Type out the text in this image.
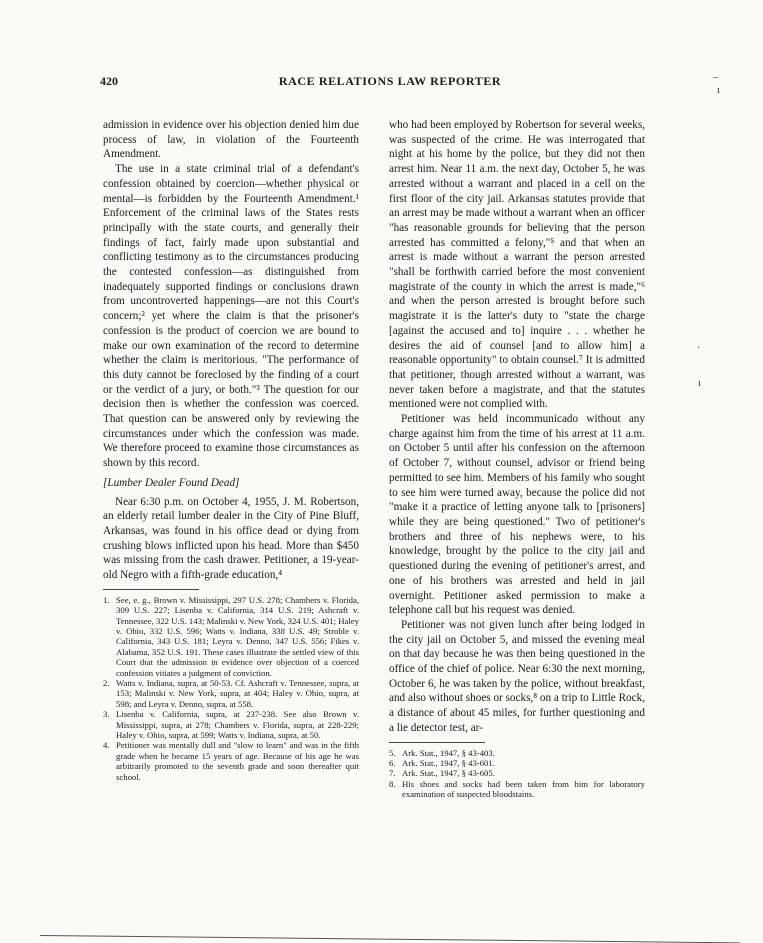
420	RACE RELATIONS LAW REPORTER	–
ı
·
ı

admission in evidence over his objection denied him due process of law, in violation of the Fourteenth Amendment.

The use in a state criminal trial of a defendant's confession obtained by coercion—whether physical or mental—is forbidden by the Fourteenth Amendment.¹ Enforcement of the criminal laws of the States rests principally with the state courts, and generally their findings of fact, fairly made upon substantial and conflicting testimony as to the circumstances producing the contested confession—as distinguished from inadequately supported findings or conclusions drawn from uncontroverted happenings—are not this Court's concern;² yet where the claim is that the prisoner's confession is the product of coercion we are bound to make our own examination of the record to determine whether the claim is meritorious. "The performance of this duty cannot be foreclosed by the finding of a court or the verdict of a jury, or both."³ The question for our decision then is whether the confession was coerced. That question can be answered only by reviewing the circumstances under which the confession was made. We therefore proceed to examine those circumstances as shown by this record.

[Lumber Dealer Found Dead]

Near 6:30 p.m. on October 4, 1955, J. M. Robertson, an elderly retail lumber dealer in the City of Pine Bluff, Arkansas, was found in his office dead or dying from crushing blows inflicted upon his head. More than $450 was missing from the cash drawer. Petitioner, a 19-year-old Negro with a fifth-grade education,⁴

1. See, e. g., Brown v. Mississippi, 297 U.S. 278; Chambers v. Florida, 309 U.S. 227; Lisenba v. California, 314 U.S. 219; Ashcraft v. Tennessee, 322 U.S. 143; Malinski v. New York, 324 U.S. 401; Haley v. Ohio, 332 U.S. 596; Watts v. Indiana, 338 U.S. 49; Stroble v. California, 343 U.S. 181; Leyra v. Denno, 347 U.S. 556; Fikes v. Alabama, 352 U.S. 191. These cases illustrate the settled view of this Court that the admission in evidence over objection of a coerced confession vitiates a judgment of conviction.
2. Watts v. Indiana, supra, at 50-53. Cf. Ashcraft v. Tennessee, supra, at 153; Malinski v. New York, supra, at 404; Haley v. Ohio, supra, at 598; and Leyra v. Denno, supra, at 558.
3. Lisenba v. California, supra, at 237-238. See also Brown v. Mississippi, supra, at 278; Chambers v. Florida, supra, at 228-229; Haley v. Ohio, supra, at 599; Watts v. Indiana, supra, at 50.
4. Petitioner was mentally dull and "slow to learn" and was in the fifth grade when he became 15 years of age. Because of his age he was arbitrarily promoted to the seventh grade and soon thereafter quit school.

who had been employed by Robertson for several weeks, was suspected of the crime. He was interrogated that night at his home by the police, but they did not then arrest him. Near 11 a.m. the next day, October 5, he was arrested without a warrant and placed in a cell on the first floor of the city jail. Arkansas statutes provide that an arrest may be made without a warrant when an officer "has reasonable grounds for believing that the person arrested has committed a felony,"⁵ and that when an arrest is made without a warrant the person arrested "shall be forthwith carried before the most convenient magistrate of the county in which the arrest is made,"⁶ and when the person arrested is brought before such magistrate it is the latter's duty to "state the charge [against the accused and to] inquire . . . whether he desires the aid of counsel [and to allow him] a reasonable opportunity" to obtain counsel.⁷ It is admitted that petitioner, though arrested without a warrant, was never taken before a magistrate, and that the statutes mentioned were not complied with.

Petitioner was held incommunicado without any charge against him from the time of his arrest at 11 a.m. on October 5 until after his confession on the afternoon of October 7, without counsel, advisor or friend being permitted to see him. Members of his family who sought to see him were turned away, because the police did not "make it a practice of letting anyone talk to [prisoners] while they are being questioned." Two of petitioner's brothers and three of his nephews were, to his knowledge, brought by the police to the city jail and questioned during the evening of petitioner's arrest, and one of his brothers was arrested and held in jail overnight. Petitioner asked permission to make a telephone call but his request was denied.

Petitioner was not given lunch after being lodged in the city jail on October 5, and missed the evening meal on that day because he was then being questioned in the office of the chief of police. Near 6:30 the next morning, October 6, he was taken by the police, without breakfast, and also without shoes or socks,⁸ on a trip to Little Rock, a distance of about 45 miles, for further questioning and a lie detector test, ar-

5. Ark. Stat., 1947, § 43-403.
6. Ark. Stat., 1947, § 43-601.
7. Ark. Stat., 1947, § 43-605.
8. His shoes and socks had been taken from him for laboratory examination of suspected bloodstains.
